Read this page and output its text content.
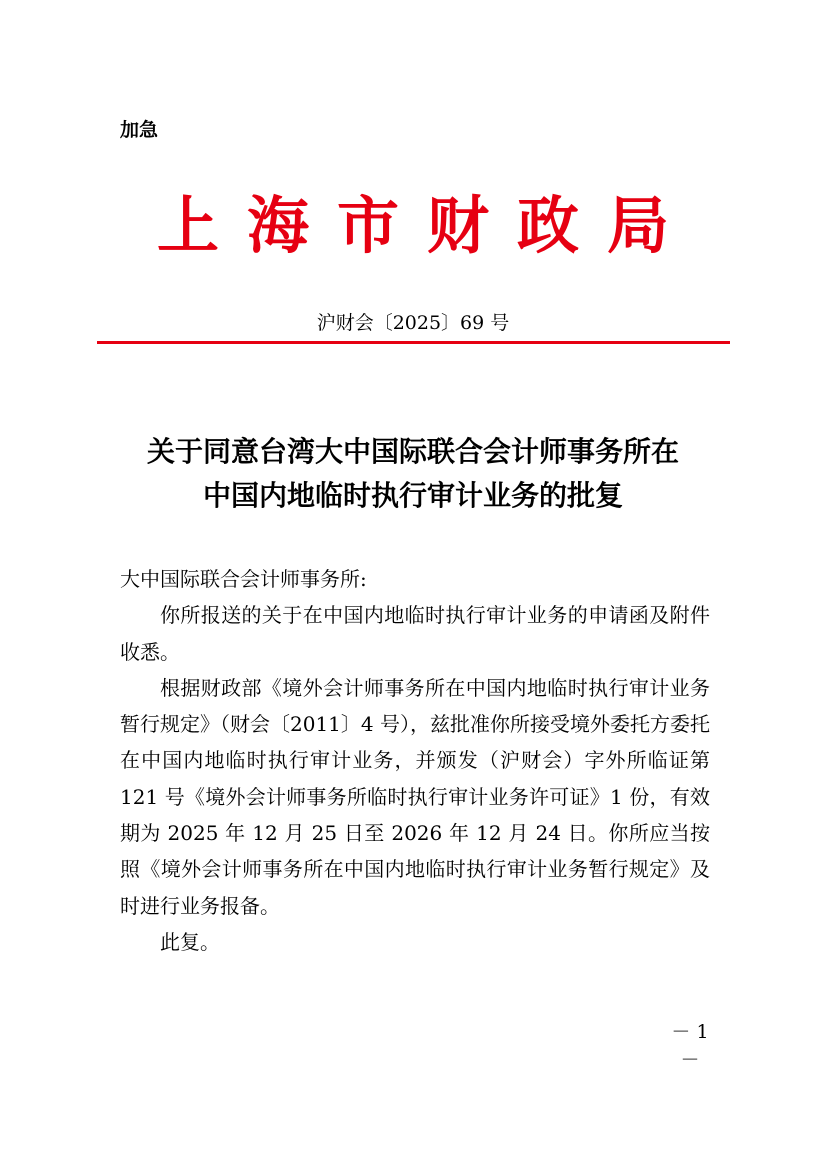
加急
上海市财政局
沪财会〔2025〕69 号
关于同意台湾大中国际联合会计师事务所在
中国内地临时执行审计业务的批复

大中国际联合会计师事务所:

你所报送的关于在中国内地临时执行审计业务的申请函及附件收悉。

根据财政部《境外会计师事务所在中国内地临时执行审计业务暂行规定》（财会〔2011〕4 号），兹批准你所接受境外委托方委托在中国内地临时执行审计业务，并颁发（沪财会）字外所临证第 121 号《境外会计师事务所临时执行审计业务许可证》1 份，有效期为 2025 年 12 月 25 日至 2026 年 12 月 24 日。你所应当按照《境外会计师事务所在中国内地临时执行审计业务暂行规定》及时进行业务报备。

此复。

－ 1 －
